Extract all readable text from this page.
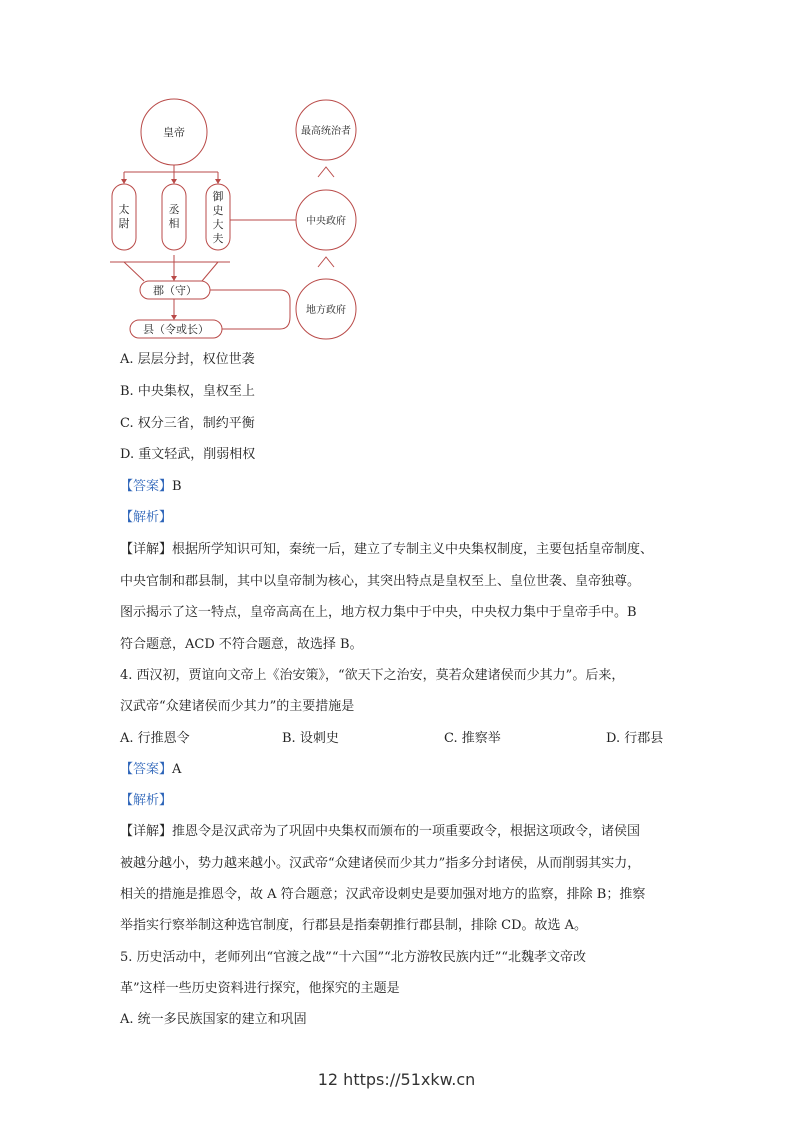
皇帝	最高统治者
中央政府
地方政府
太
尉
丞
相
御
史
大
夫
郡（守）
县（令或长）

A. 层层分封，权位世袭

B. 中央集权，皇权至上

C. 权分三省，制约平衡

D. 重文轻武，削弱相权

【答案】B

【解析】

【详解】根据所学知识可知，秦统一后，建立了专制主义中央集权制度，主要包括皇帝制度、

中央官制和郡县制，其中以皇帝制为核心，其突出特点是皇权至上、皇位世袭、皇帝独尊。

图示揭示了这一特点，皇帝高高在上，地方权力集中于中央，中央权力集中于皇帝手中。B

符合题意，ACD 不符合题意，故选择 B。

4. 西汉初，贾谊向文帝上《治安策》，“欲天下之治安，莫若众建诸侯而少其力”。后来，

汉武帝“众建诸侯而少其力”的主要措施是

A. 行推恩令	B. 设刺史	C. 推察举	D. 行郡县

【答案】A

【解析】

【详解】推恩令是汉武帝为了巩固中央集权而颁布的一项重要政令，根据这项政令，诸侯国

被越分越小，势力越来越小。汉武帝“众建诸侯而少其力”指多分封诸侯，从而削弱其实力，

相关的措施是推恩令，故 A 符合题意；汉武帝设刺史是要加强对地方的监察，排除 B；推察

举指实行察举制这种选官制度，行郡县是指秦朝推行郡县制，排除 CD。故选 A。

5. 历史活动中，老师列出“官渡之战”“十六国”“北方游牧民族内迁”“北魏孝文帝改

革”这样一些历史资料进行探究，他探究的主题是

A. 统一多民族国家的建立和巩固

12 https://51xkw.cn
